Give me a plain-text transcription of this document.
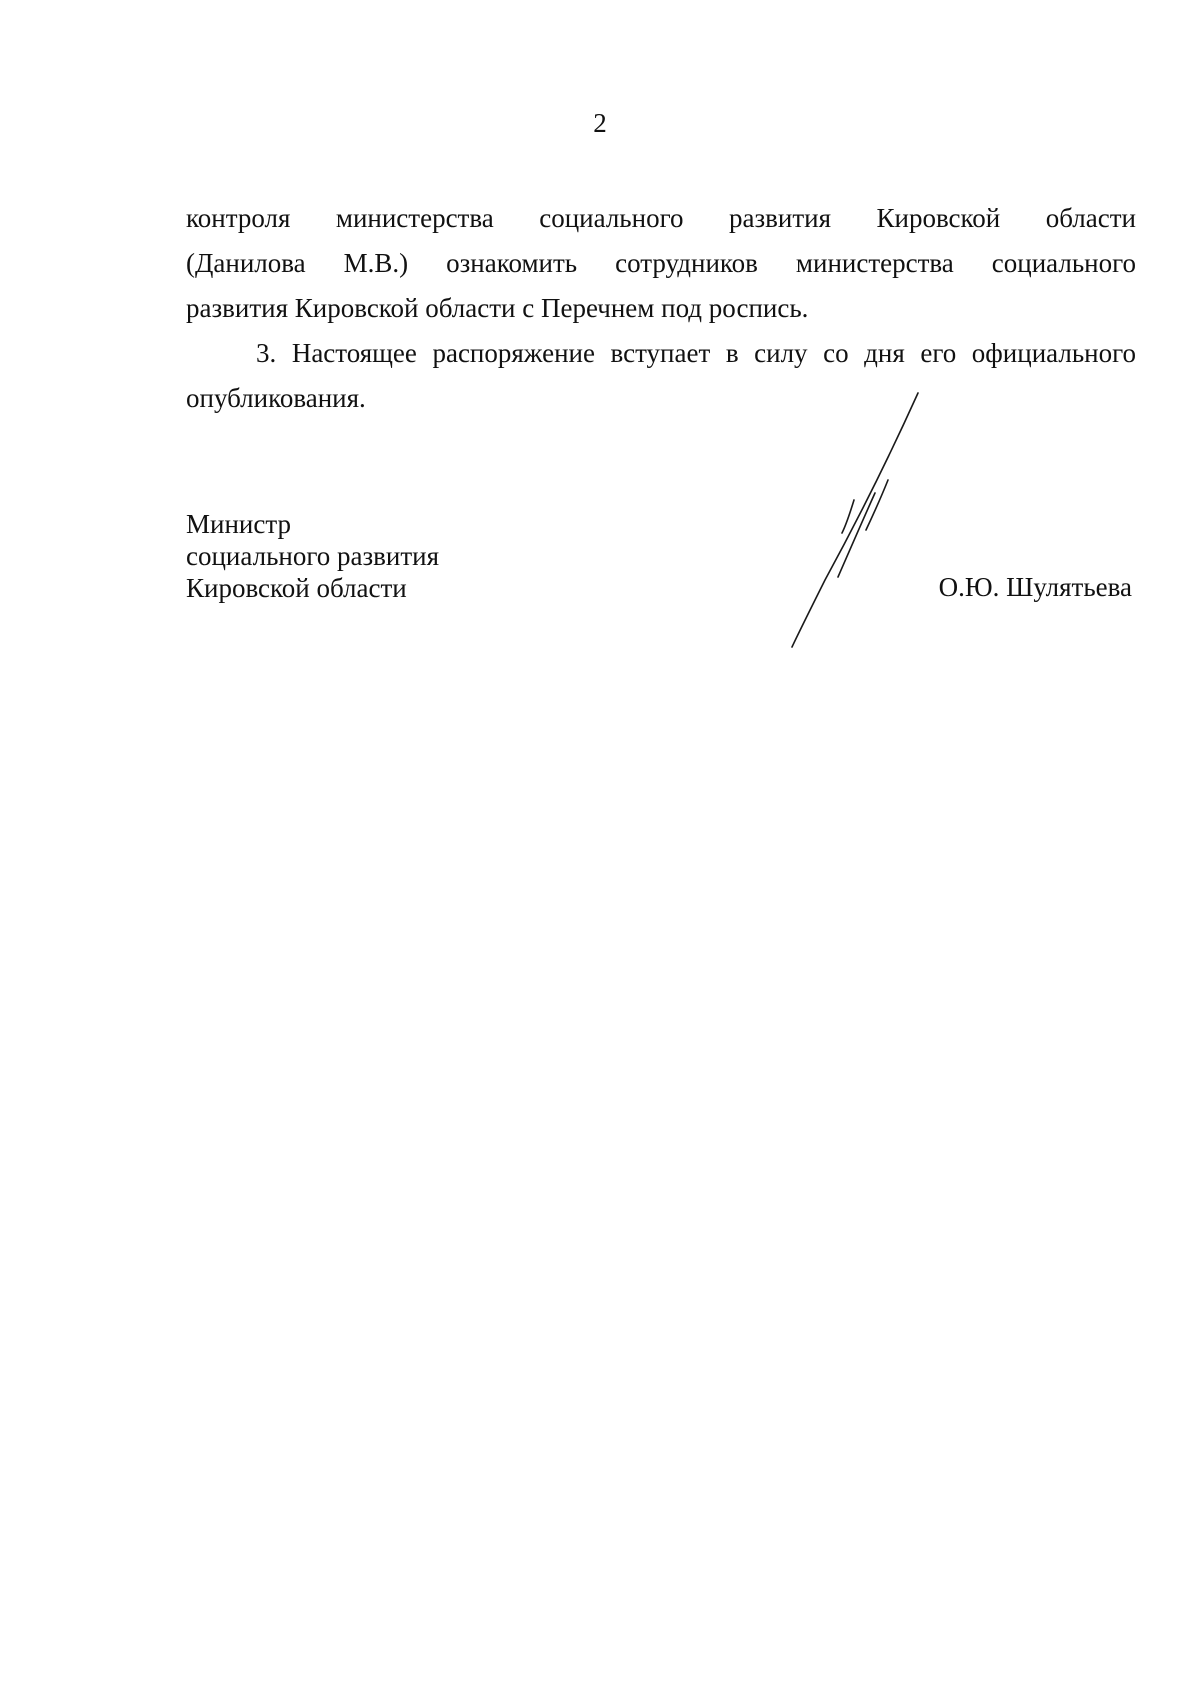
2

контроля министерства социального развития Кировской области
(Данилова М.В.) ознакомить сотрудников министерства социального
развития Кировской области с Перечнем под роспись.

3. Настоящее распоряжение вступает в силу со дня его официального
опубликования.

Министр
социального развития
Кировской области	О.Ю. Шулятьева
